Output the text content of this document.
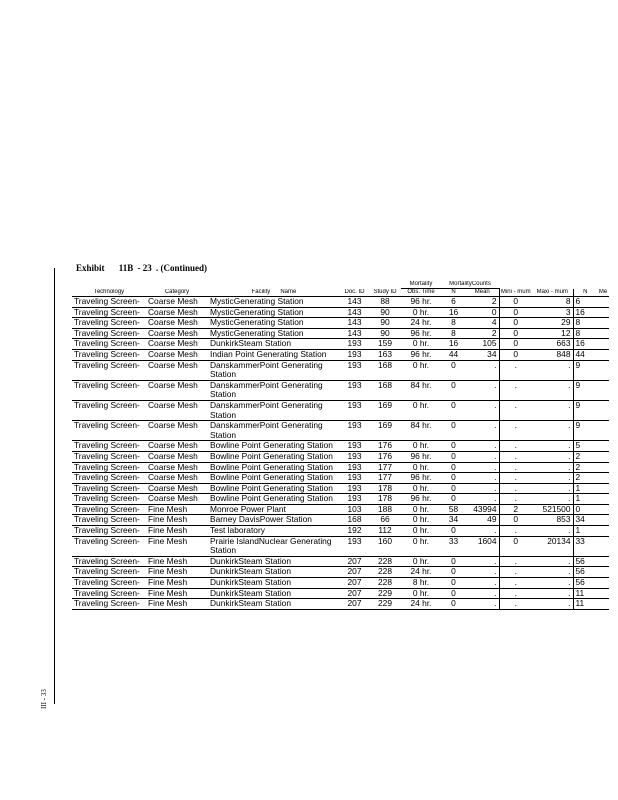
III - 33
Exhibit 11B - 23 . (Continued)
					Mortality	MortalityCounts					
Technology	Category	Facility Name	Doc. ID	Study ID	Obs. Time	N	Mean	Mini - mum	Maxi - mum	N	Me
Traveling Screen-	Coarse Mesh	MysticGenerating Station	143	88	96 hr.	6	2	0	8	6	
Traveling Screen-	Coarse Mesh	MysticGenerating Station	143	90	0 hr.	16	0	0	3	16	
Traveling Screen-	Coarse Mesh	MysticGenerating Station	143	90	24 hr.	8	4	0	29	8	
Traveling Screen-	Coarse Mesh	MysticGenerating Station	143	90	96 hr.	8	2	0	12	8	
Traveling Screen-	Coarse Mesh	DunkirkSteam Station	193	159	0 hr.	16	105	0	663	16	
Traveling Screen-	Coarse Mesh	Indian Point Generating Station	193	163	96 hr.	44	34	0	848	44	
Traveling Screen-	Coarse Mesh	DanskammerPoint Generating Station	193	168	0 hr.	0	.	.	.	9	
Traveling Screen-	Coarse Mesh	DanskammerPoint Generating Station	193	168	84 hr.	0	.	.	.	9	
Traveling Screen-	Coarse Mesh	DanskammerPoint Generating Station	193	169	0 hr.	0	.	.	.	9	
Traveling Screen-	Coarse Mesh	DanskammerPoint Generating Station	193	169	84 hr.	0	.	.	.	9	
Traveling Screen-	Coarse Mesh	Bowline Point Generating Station	193	176	0 hr.	0	.	.	.	5	
Traveling Screen-	Coarse Mesh	Bowline Point Generating Station	193	176	96 hr.	0	.	.	.	2	
Traveling Screen-	Coarse Mesh	Bowline Point Generating Station	193	177	0 hr.	0	.	.	.	2	
Traveling Screen-	Coarse Mesh	Bowline Point Generating Station	193	177	96 hr.	0	.	.	.	2	
Traveling Screen-	Coarse Mesh	Bowline Point Generating Station	193	178	0 hr.	0	.	.	.	1	
Traveling Screen-	Coarse Mesh	Bowline Point Generating Station	193	178	96 hr.	0	.	.	.	1	
Traveling Screen-	Fine Mesh	Monroe Power Plant	103	188	0 hr.	58	43994	2	521500	0	
Traveling Screen-	Fine Mesh	Barney DavisPower Station	168	66	0 hr.	34	49	0	853	34	
Traveling Screen-	Fine Mesh	Test laboratory	192	112	0 hr.	0	.	.	.	1	
Traveling Screen-	Fine Mesh	Prairie IslandNuclear Generating Station	193	160	0 hr.	33	1604	0	20134	33	
Traveling Screen-	Fine Mesh	DunkirkSteam Station	207	228	0 hr.	0	.	.	.	56	
Traveling Screen-	Fine Mesh	DunkirkSteam Station	207	228	24 hr.	0	.	.	.	56	
Traveling Screen-	Fine Mesh	DunkirkSteam Station	207	228	8 hr.	0	.	.	.	56	
Traveling Screen-	Fine Mesh	DunkirkSteam Station	207	229	0 hr.	0	.	.	.	11	
Traveling Screen-	Fine Mesh	DunkirkSteam Station	207	229	24 hr.	0	.	.	.	11	
